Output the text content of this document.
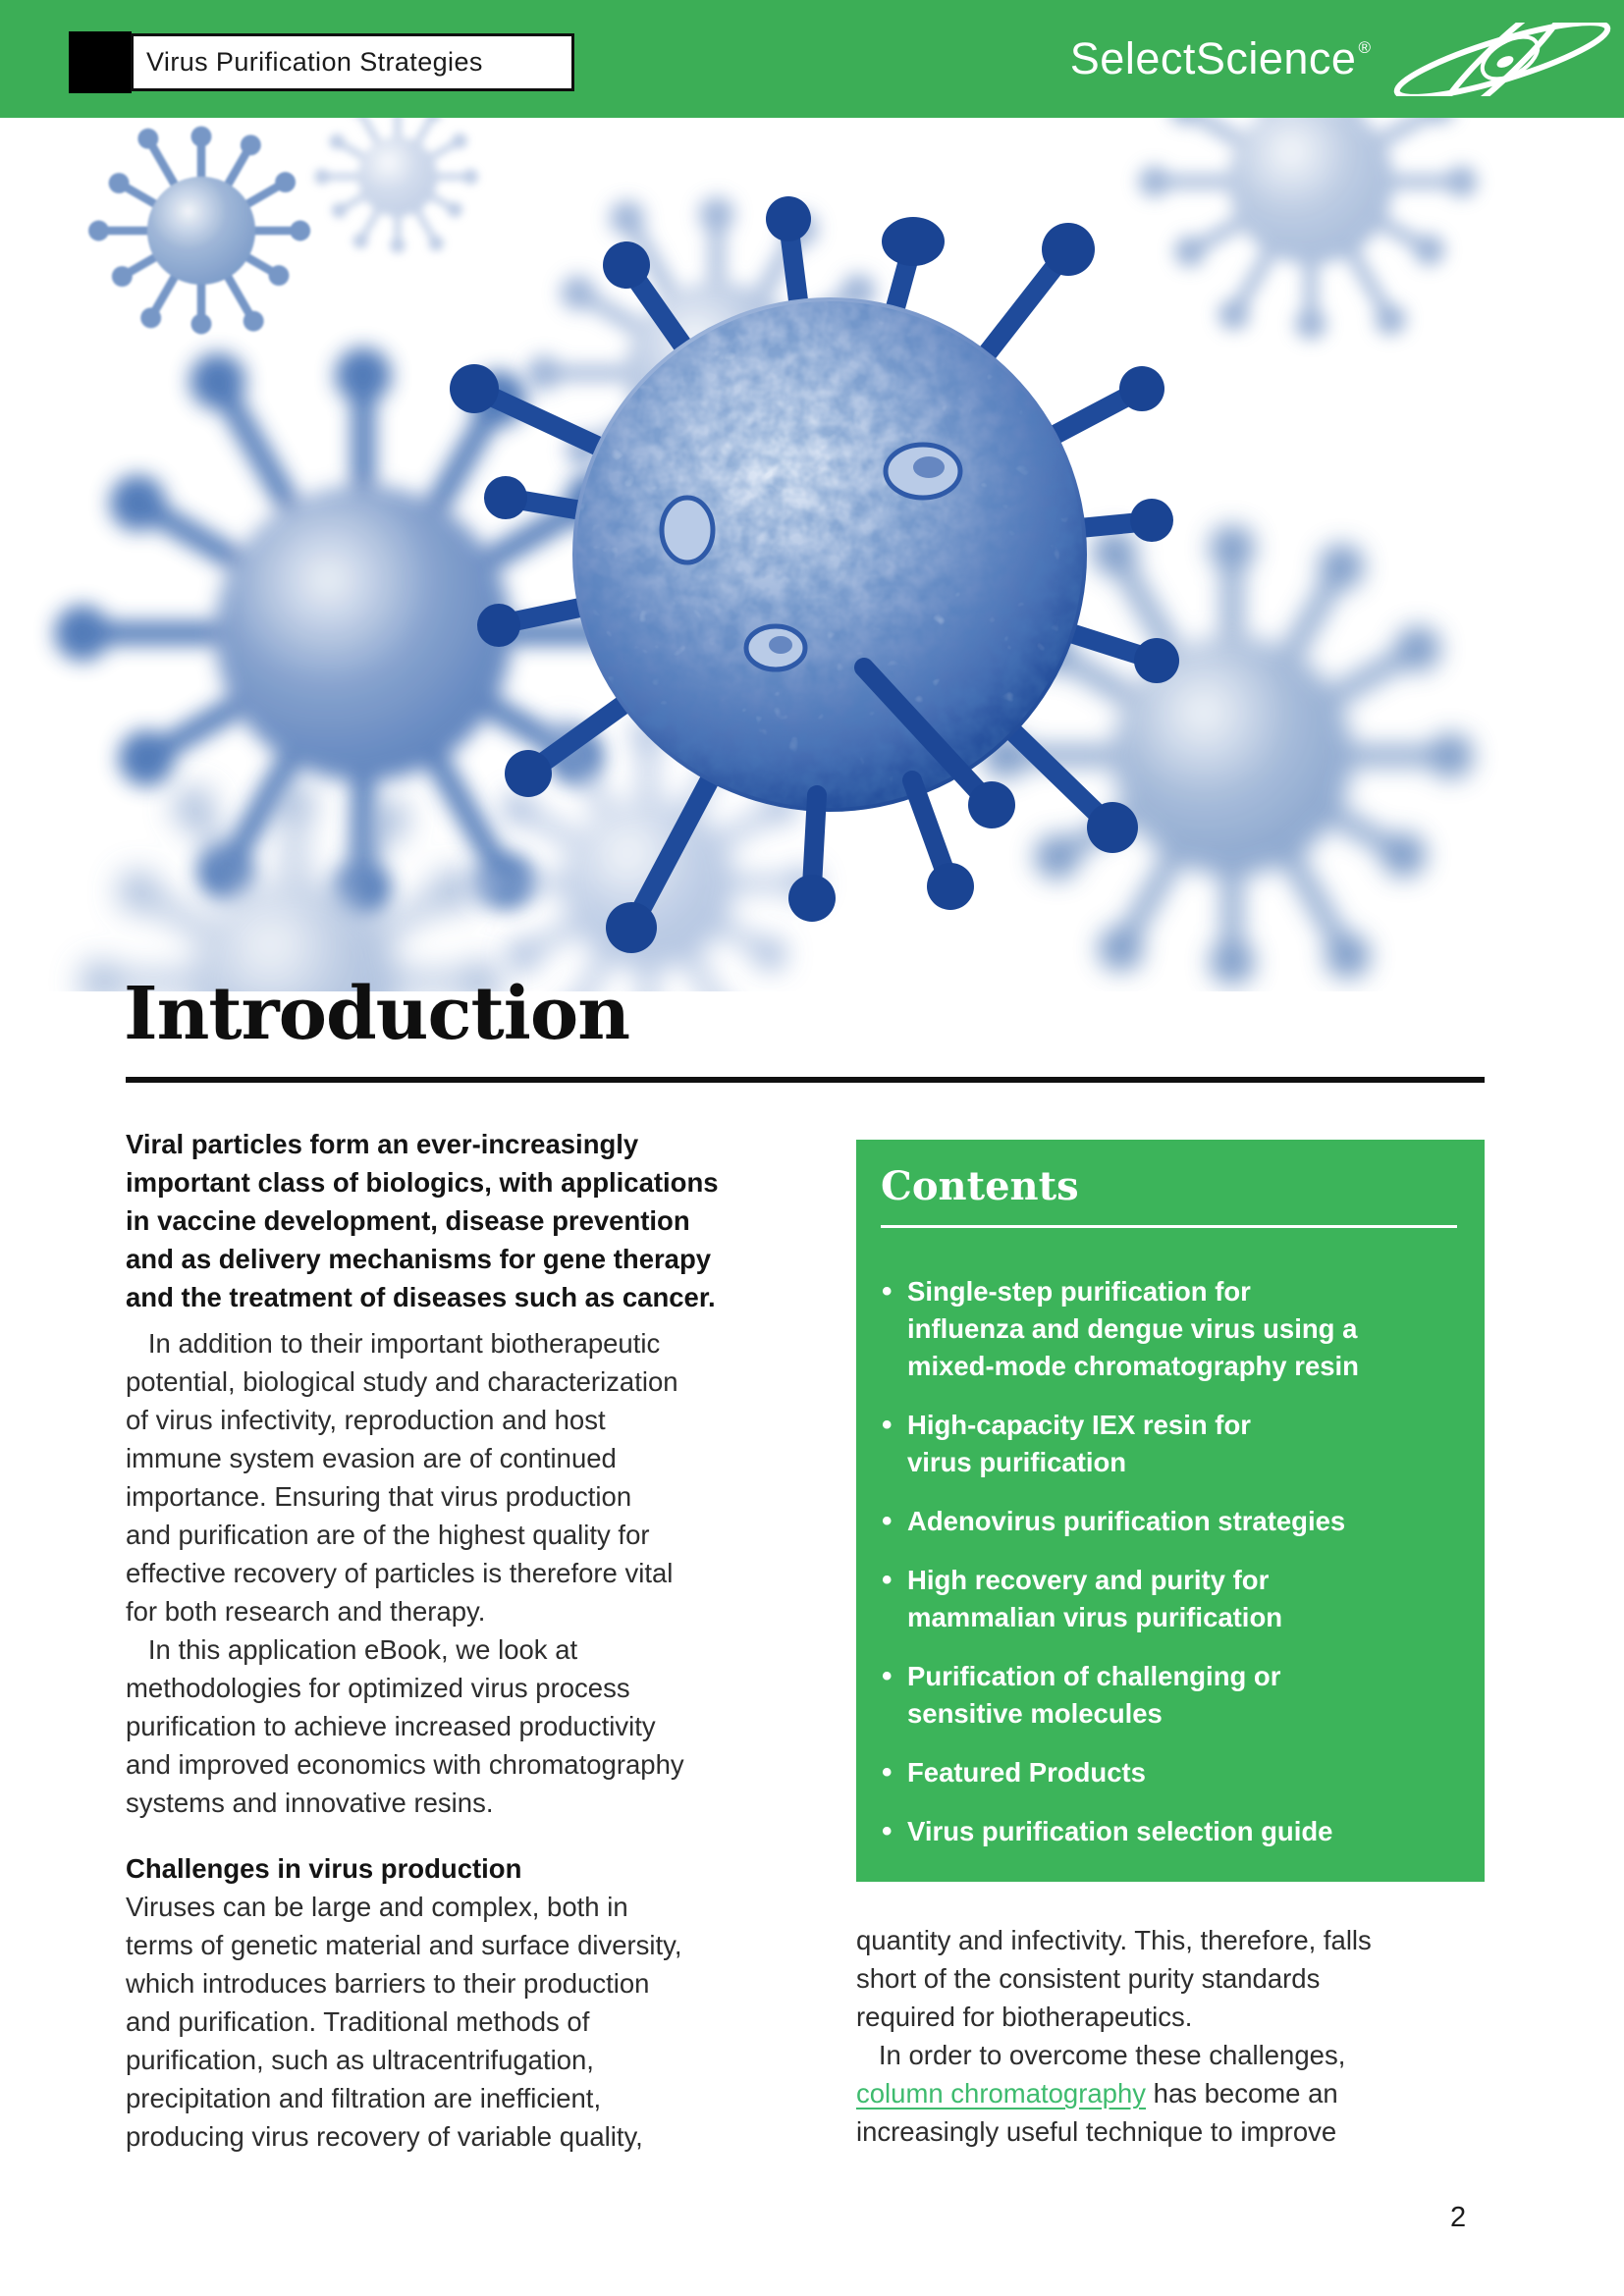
Virus Purification Strategies	SelectScience ®
Introduction
Viral particles form an ever-increasingly
important class of biologics, with applications
in vaccine development, disease prevention
and as delivery mechanisms for gene therapy
and the treatment of diseases such as cancer.
In addition to their important biotherapeutic
potential, biological study and characterization
of virus infectivity, reproduction and host
immune system evasion are of continued
importance. Ensuring that virus production
and purification are of the highest quality for
effective recovery of particles is therefore vital
for both research and therapy.
In this application eBook, we look at
methodologies for optimized virus process
purification to achieve increased productivity
and improved economics with chromatography
systems and innovative resins.
Challenges in virus production
Viruses can be large and complex, both in
terms of genetic material and surface diversity,
which introduces barriers to their production
and purification. Traditional methods of
purification, such as ultracentrifugation,
precipitation and filtration are inefficient,
producing virus recovery of variable quality,
Contents
• Single-step purification for
influenza and dengue virus using a
mixed-mode chromatography resin
• High-capacity IEX resin for
virus purification
• Adenovirus purification strategies
• High recovery and purity for
mammalian virus purification
• Purification of challenging or
sensitive molecules
• Featured Products
• Virus purification selection guide
quantity and infectivity. This, therefore, falls
short of the consistent purity standards
required for biotherapeutics.
In order to overcome these challenges,
column chromatography has become an
increasingly useful technique to improve
2
